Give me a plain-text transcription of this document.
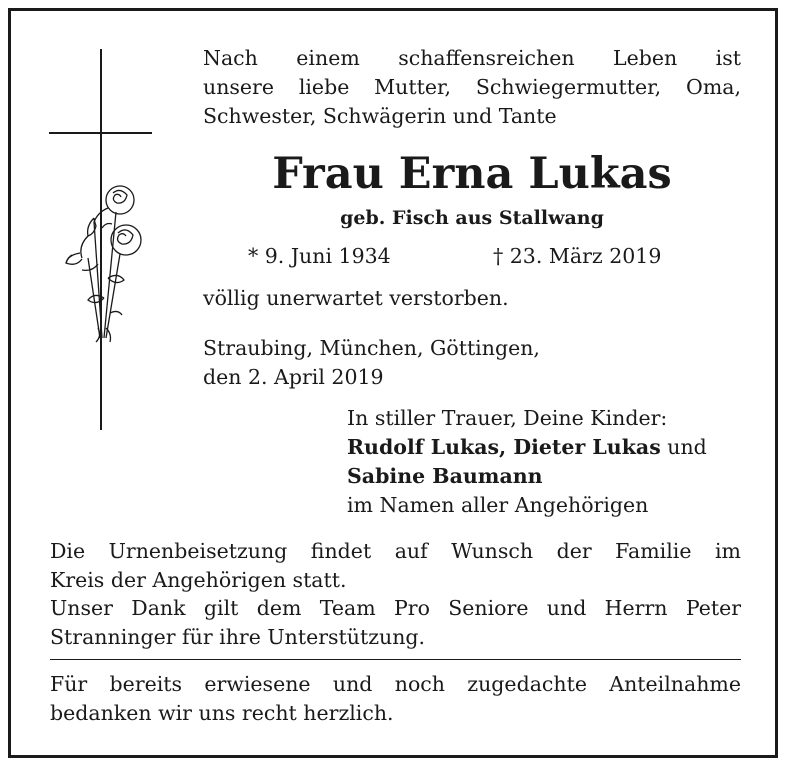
Nach einem schaffensreichen Leben ist
unsere liebe Mutter, Schwiegermutter, Oma,
Schwester, Schwägerin und Tante
Frau Erna Lukas
geb. Fisch aus Stallwang
* 9. Juni 1934	† 23. März 2019
völlig unerwartet verstorben.
Straubing, München, Göttingen,
den 2. April 2019
In stiller Trauer, Deine Kinder:
Rudolf Lukas, Dieter Lukas und
Sabine Baumann
im Namen aller Angehörigen
Die Urnenbeisetzung findet auf Wunsch der Familie im
Kreis der Angehörigen statt.
Unser Dank gilt dem Team Pro Seniore und Herrn Peter
Stranninger für ihre Unterstützung.
Für bereits erwiesene und noch zugedachte Anteilnahme
bedanken wir uns recht herzlich.
